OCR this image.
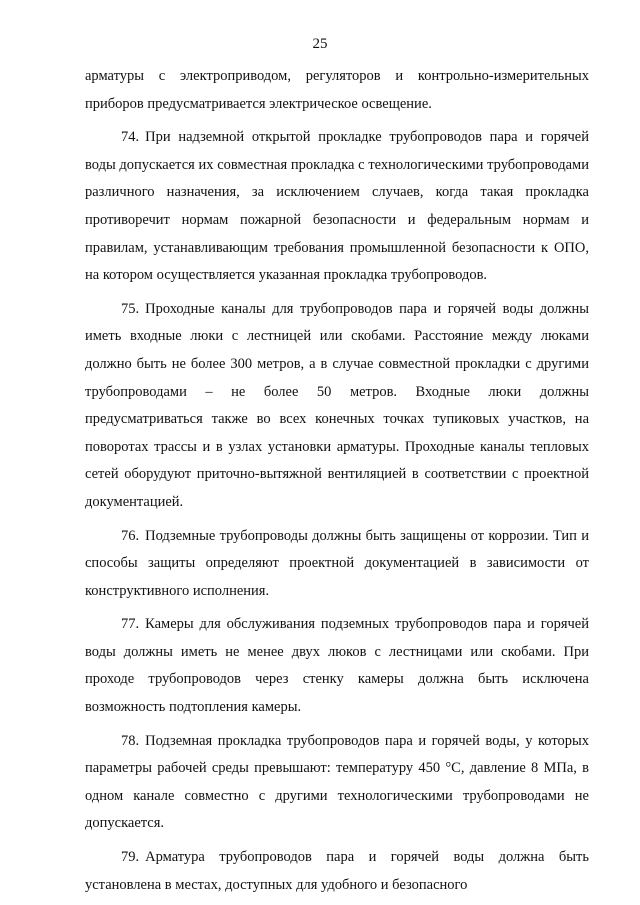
25

арматуры с электроприводом, регуляторов и контрольно-измерительных приборов предусматривается электрическое освещение.

74. При надземной открытой прокладке трубопроводов пара и горячей воды допускается их совместная прокладка с технологическими трубопроводами различного назначения, за исключением случаев, когда такая прокладка противоречит нормам пожарной безопасности и федеральным нормам и правилам, устанавливающим требования промышленной безопасности к ОПО, на котором осуществляется указанная прокладка трубопроводов.

75. Проходные каналы для трубопроводов пара и горячей воды должны иметь входные люки с лестницей или скобами. Расстояние между люками должно быть не более 300 метров, а в случае совместной прокладки с другими трубопроводами – не более 50 метров. Входные люки должны предусматриваться также во всех конечных точках тупиковых участков, на поворотах трассы и в узлах установки арматуры. Проходные каналы тепловых сетей оборудуют приточно-вытяжной вентиляцией в соответствии с проектной документацией.

76. Подземные трубопроводы должны быть защищены от коррозии. Тип и способы защиты определяют проектной документацией в зависимости от конструктивного исполнения.

77. Камеры для обслуживания подземных трубопроводов пара и горячей воды должны иметь не менее двух люков с лестницами или скобами. При проходе трубопроводов через стенку камеры должна быть исключена возможность подтопления камеры.

78. Подземная прокладка трубопроводов пара и горячей воды, у которых параметры рабочей среды превышают: температуру 450 °С, давление 8 МПа, в одном канале совместно с другими технологическими трубопроводами не допускается.

79. Арматура трубопроводов пара и горячей воды должна быть установлена в местах, доступных для удобного и безопасного
